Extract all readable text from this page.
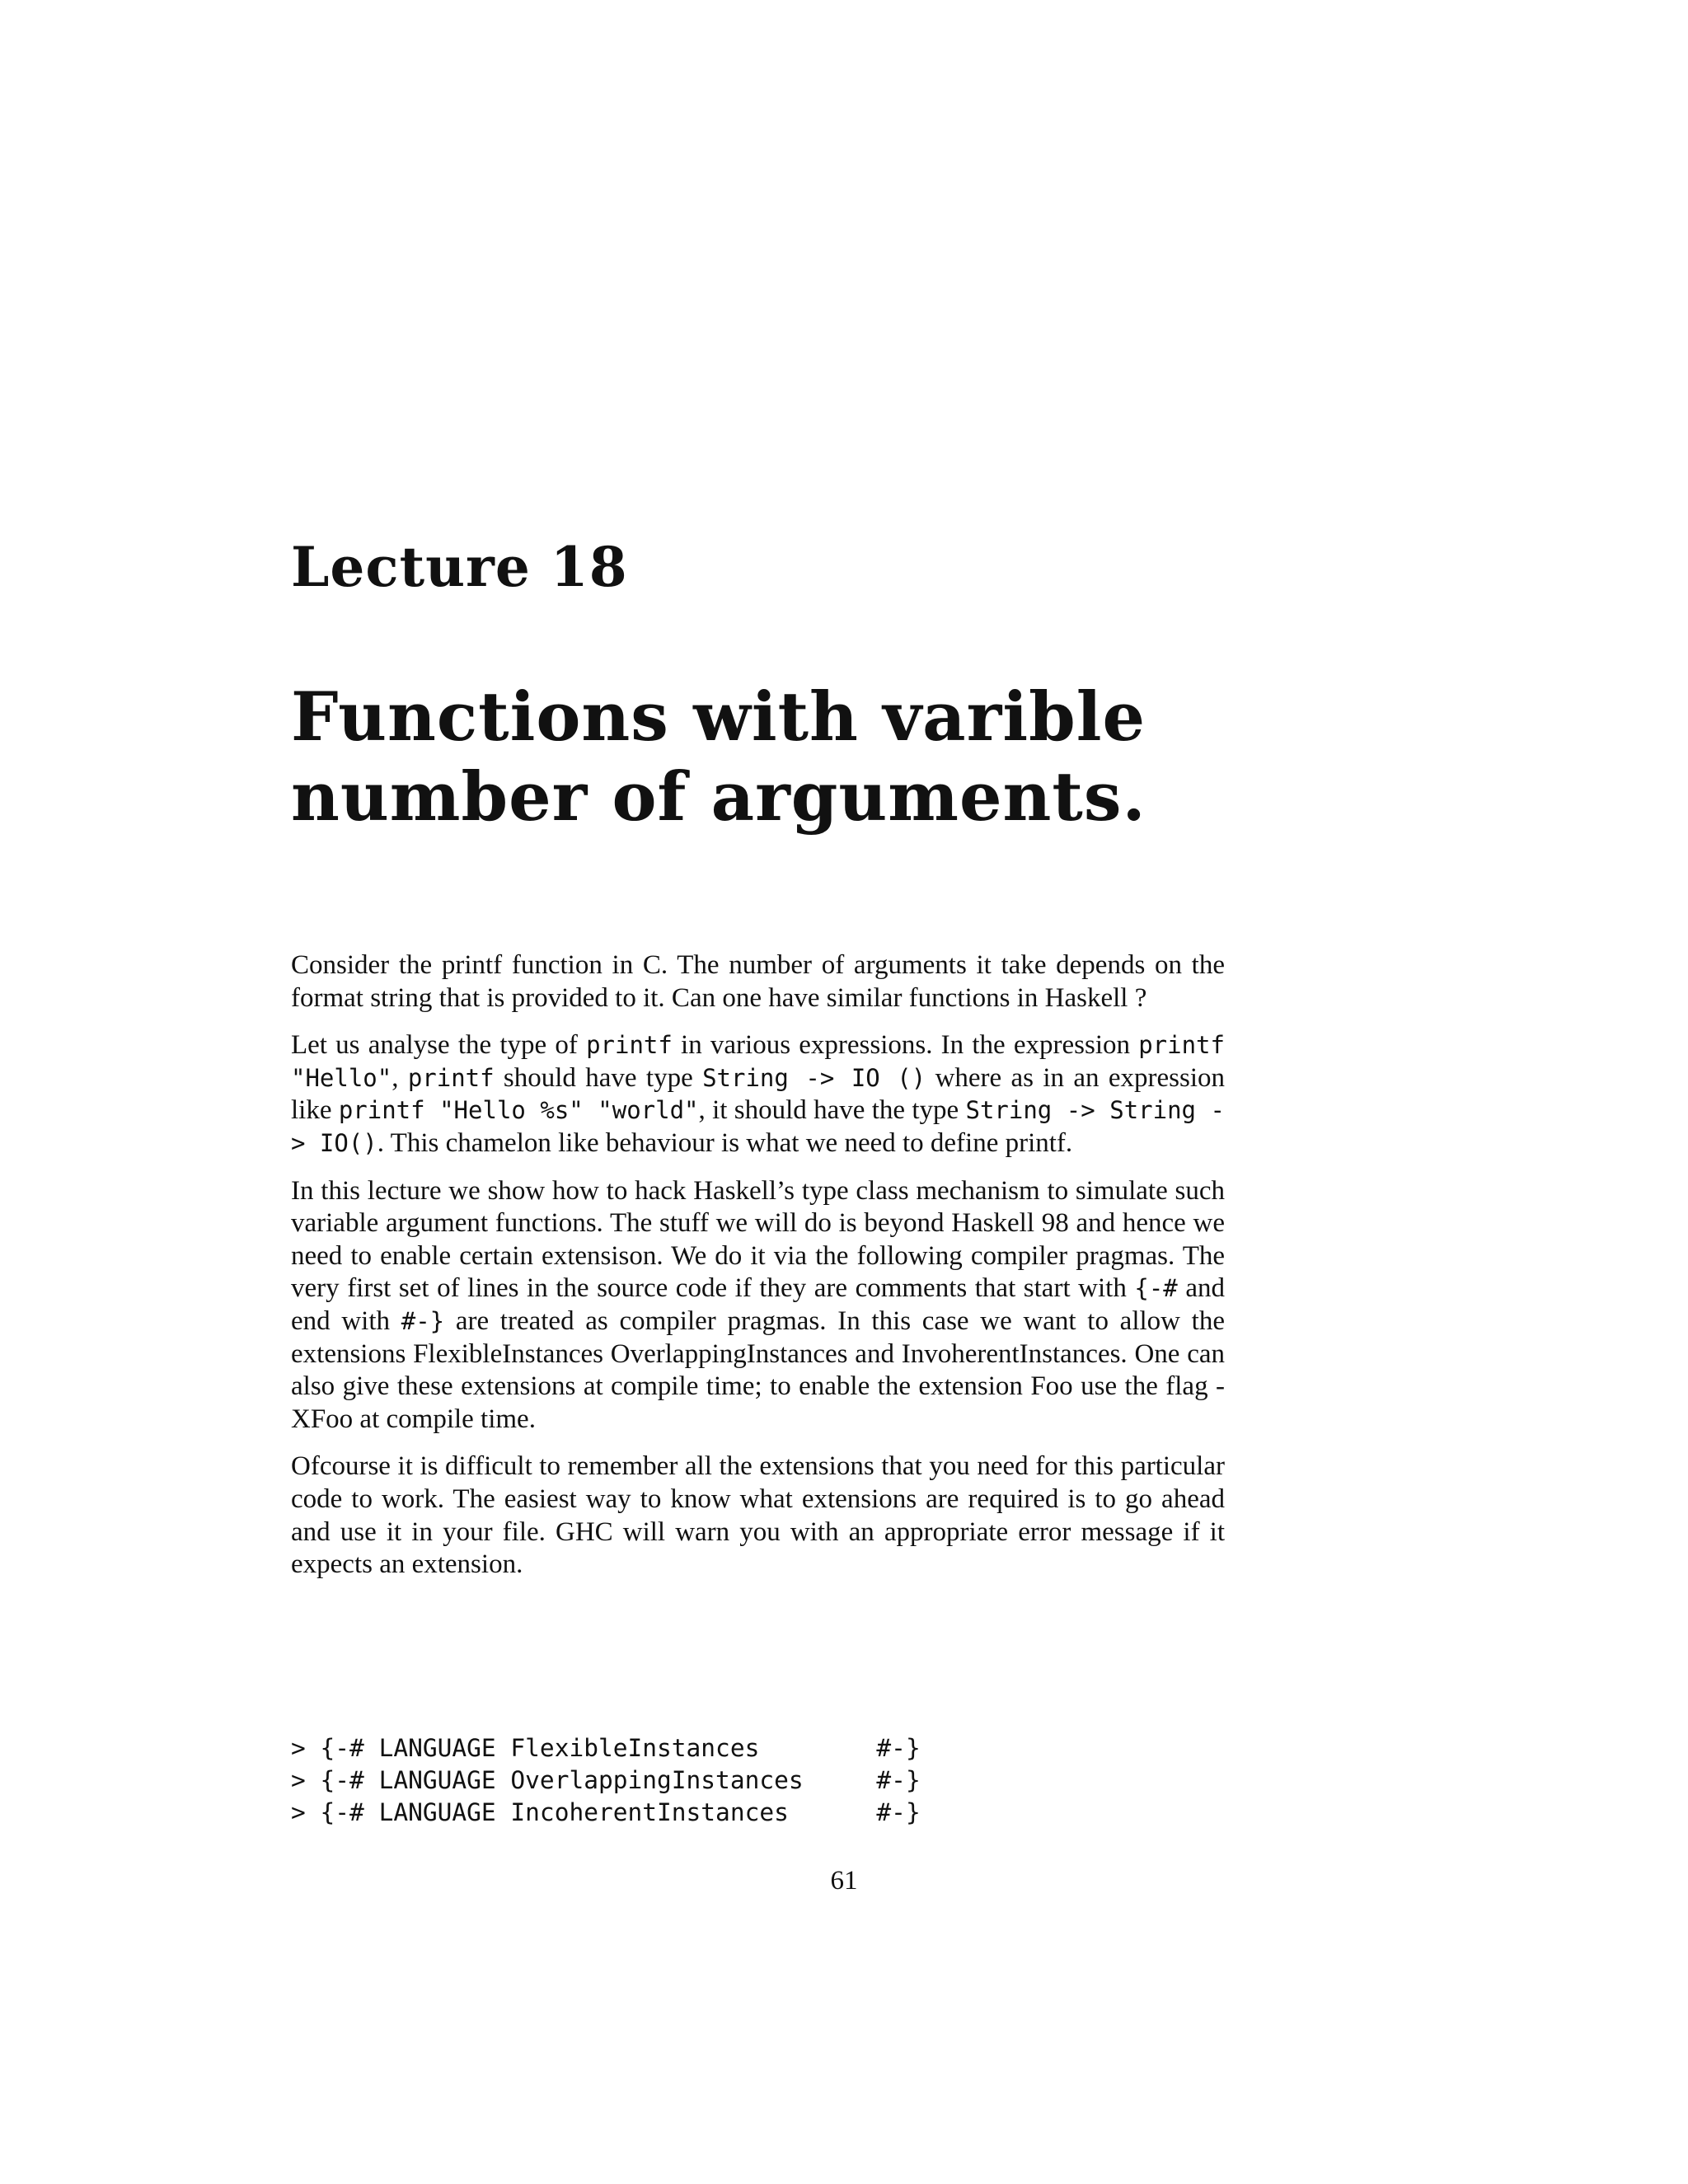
Lecture 18
Functions with varible
number of arguments.

Consider the printf function in C. The number of arguments it take depends on the format string that is provided to it. Can one have similar functions in Haskell ?

Let us analyse the type of printf in various expressions. In the expression printf "Hello", printf should have type String -> IO () where as in an expression like printf "Hello %s" "world", it should have the type String -> String -> IO(). This chamelon like behaviour is what we need to define printf.

In this lecture we show how to hack Haskell’s type class mechanism to simulate such variable argument functions. The stuff we will do is beyond Haskell 98 and hence we need to enable certain extensison. We do it via the following compiler pragmas. The very first set of lines in the source code if they are comments that start with {-# and end with #-} are treated as compiler pragmas. In this case we want to allow the extensions FlexibleInstances OverlappingInstances and InvoherentInstances. One can also give these extensions at compile time; to enable the extension Foo use the flag -XFoo at compile time.

Ofcourse it is difficult to remember all the extensions that you need for this particular code to work. The easiest way to know what extensions are required is to go ahead and use it in your file. GHC will warn you with an appropriate error message if it expects an extension.

> {-# LANGUAGE FlexibleInstances        #-}
> {-# LANGUAGE OverlappingInstances     #-}
> {-# LANGUAGE IncoherentInstances      #-}
61
